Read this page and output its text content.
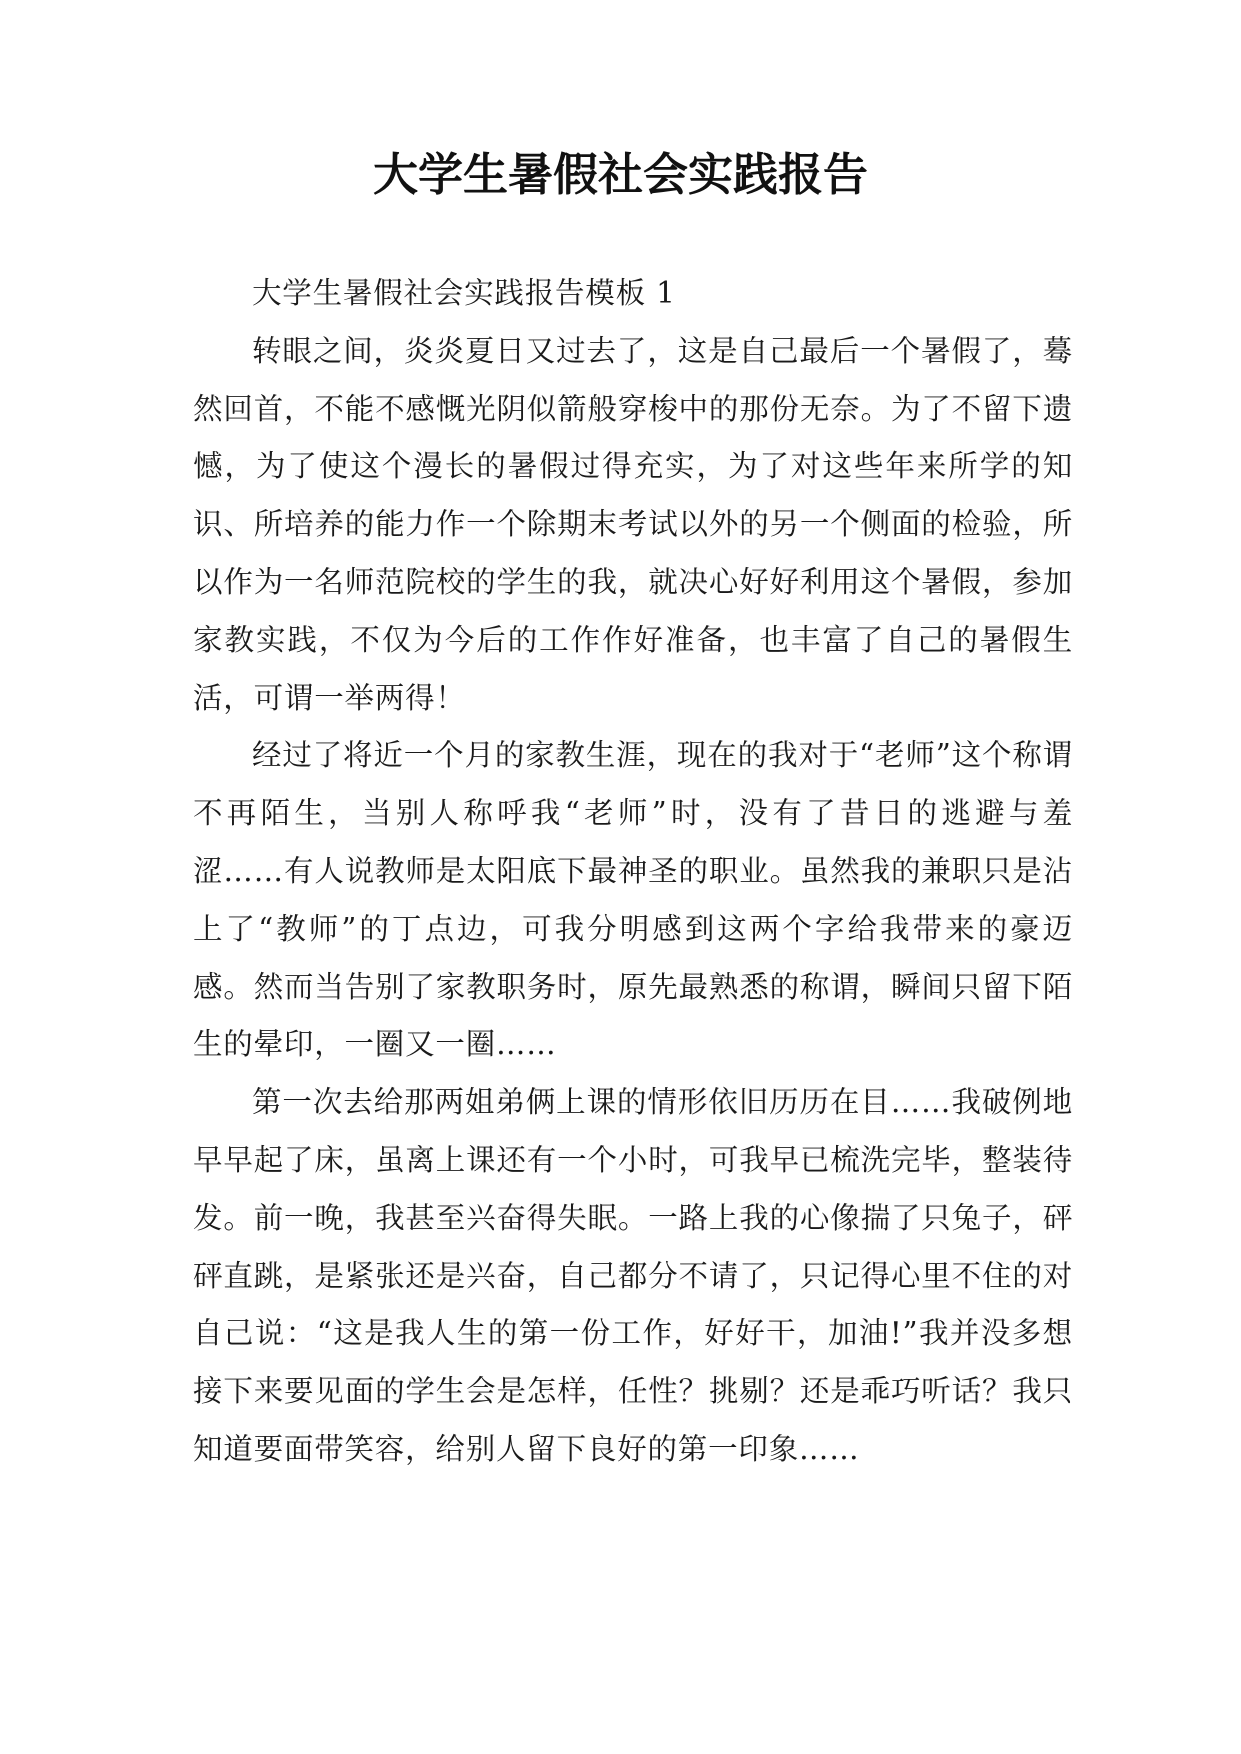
大学生暑假社会实践报告

大学生暑假社会实践报告模板 1

转眼之间，炎炎夏日又过去了，这是自己最后一个暑假了，蓦然回首，不能不感慨光阴似箭般穿梭中的那份无奈。为了不留下遗憾，为了使这个漫长的暑假过得充实，为了对这些年来所学的知识、所培养的能力作一个除期末考试以外的另一个侧面的检验，所以作为一名师范院校的学生的我，就决心好好利用这个暑假，参加家教实践，不仅为今后的工作作好准备，也丰富了自己的暑假生活，可谓一举两得！

经过了将近一个月的家教生涯，现在的我对于“老师”这个称谓不再陌生，当别人称呼我“老师”时，没有了昔日的逃避与羞涩……有人说教师是太阳底下最神圣的职业。虽然我的兼职只是沾上了“教师”的丁点边，可我分明感到这两个字给我带来的豪迈感。然而当告别了家教职务时，原先最熟悉的称谓，瞬间只留下陌生的晕印，一圈又一圈……

第一次去给那两姐弟俩上课的情形依旧历历在目……我破例地早早起了床，虽离上课还有一个小时，可我早已梳洗完毕，整装待发。前一晚，我甚至兴奋得失眠。一路上我的心像揣了只兔子，砰砰直跳，是紧张还是兴奋，自己都分不请了，只记得心里不住的对自己说：“这是我人生的第一份工作，好好干，加油!”我并没多想接下来要见面的学生会是怎样，任性？挑剔？还是乖巧听话？我只知道要面带笑容，给别人留下良好的第一印象……
